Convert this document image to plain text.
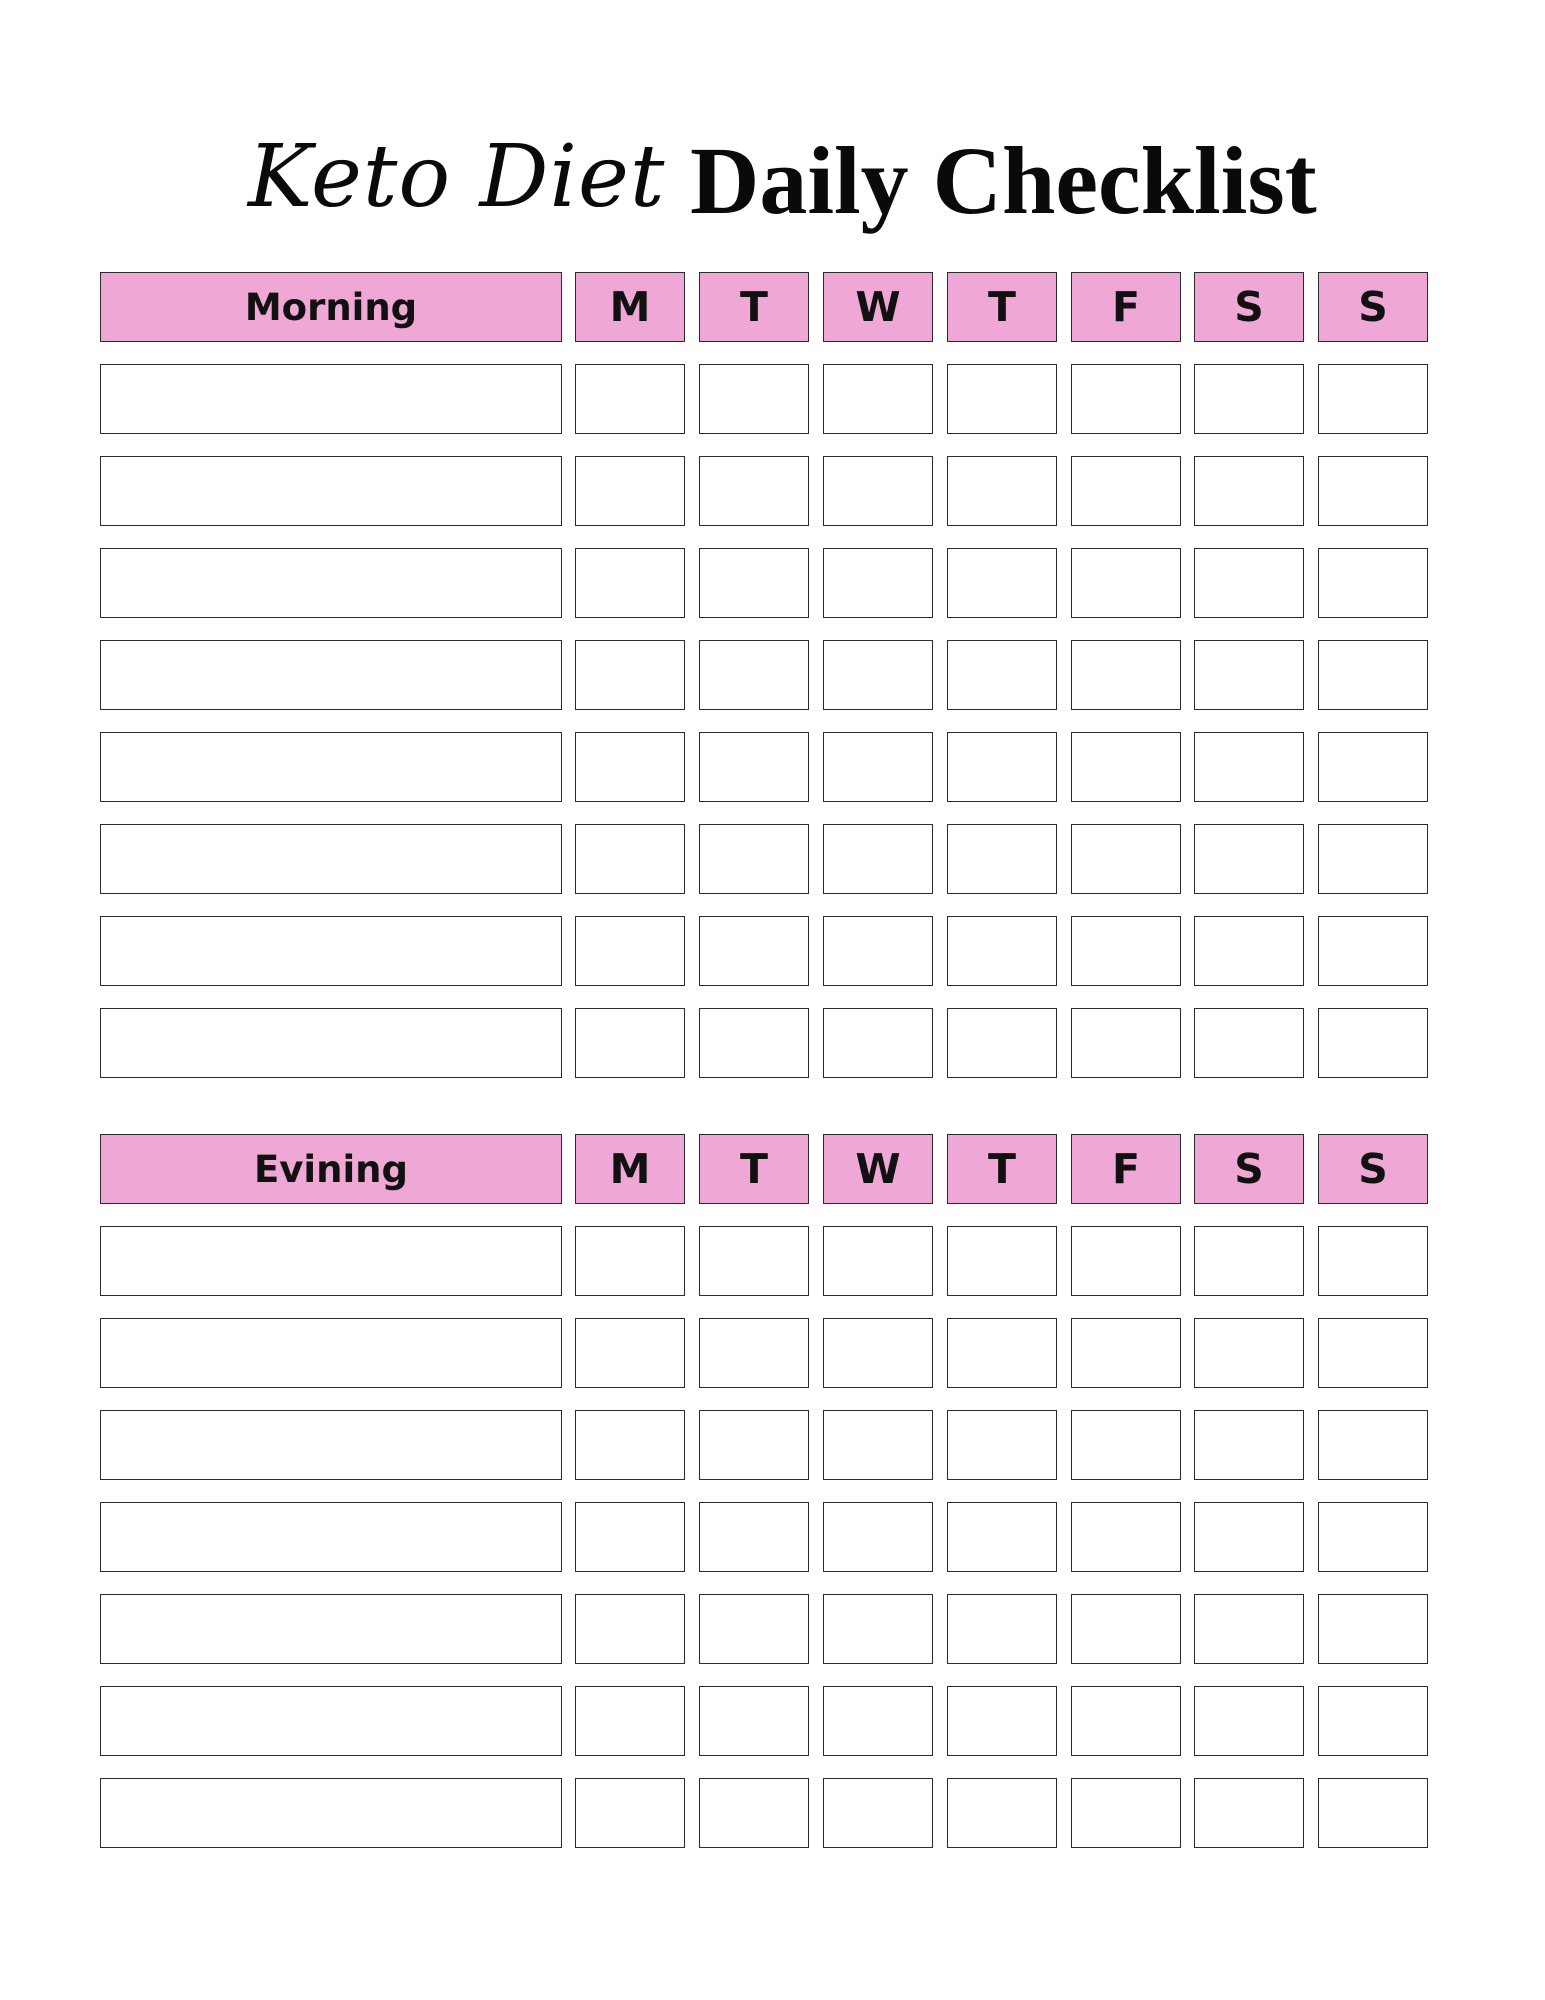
Keto Diet Daily Checklist
Morning	M	T	W	T	F	S	S
Evining	M	T	W	T	F	S	S
